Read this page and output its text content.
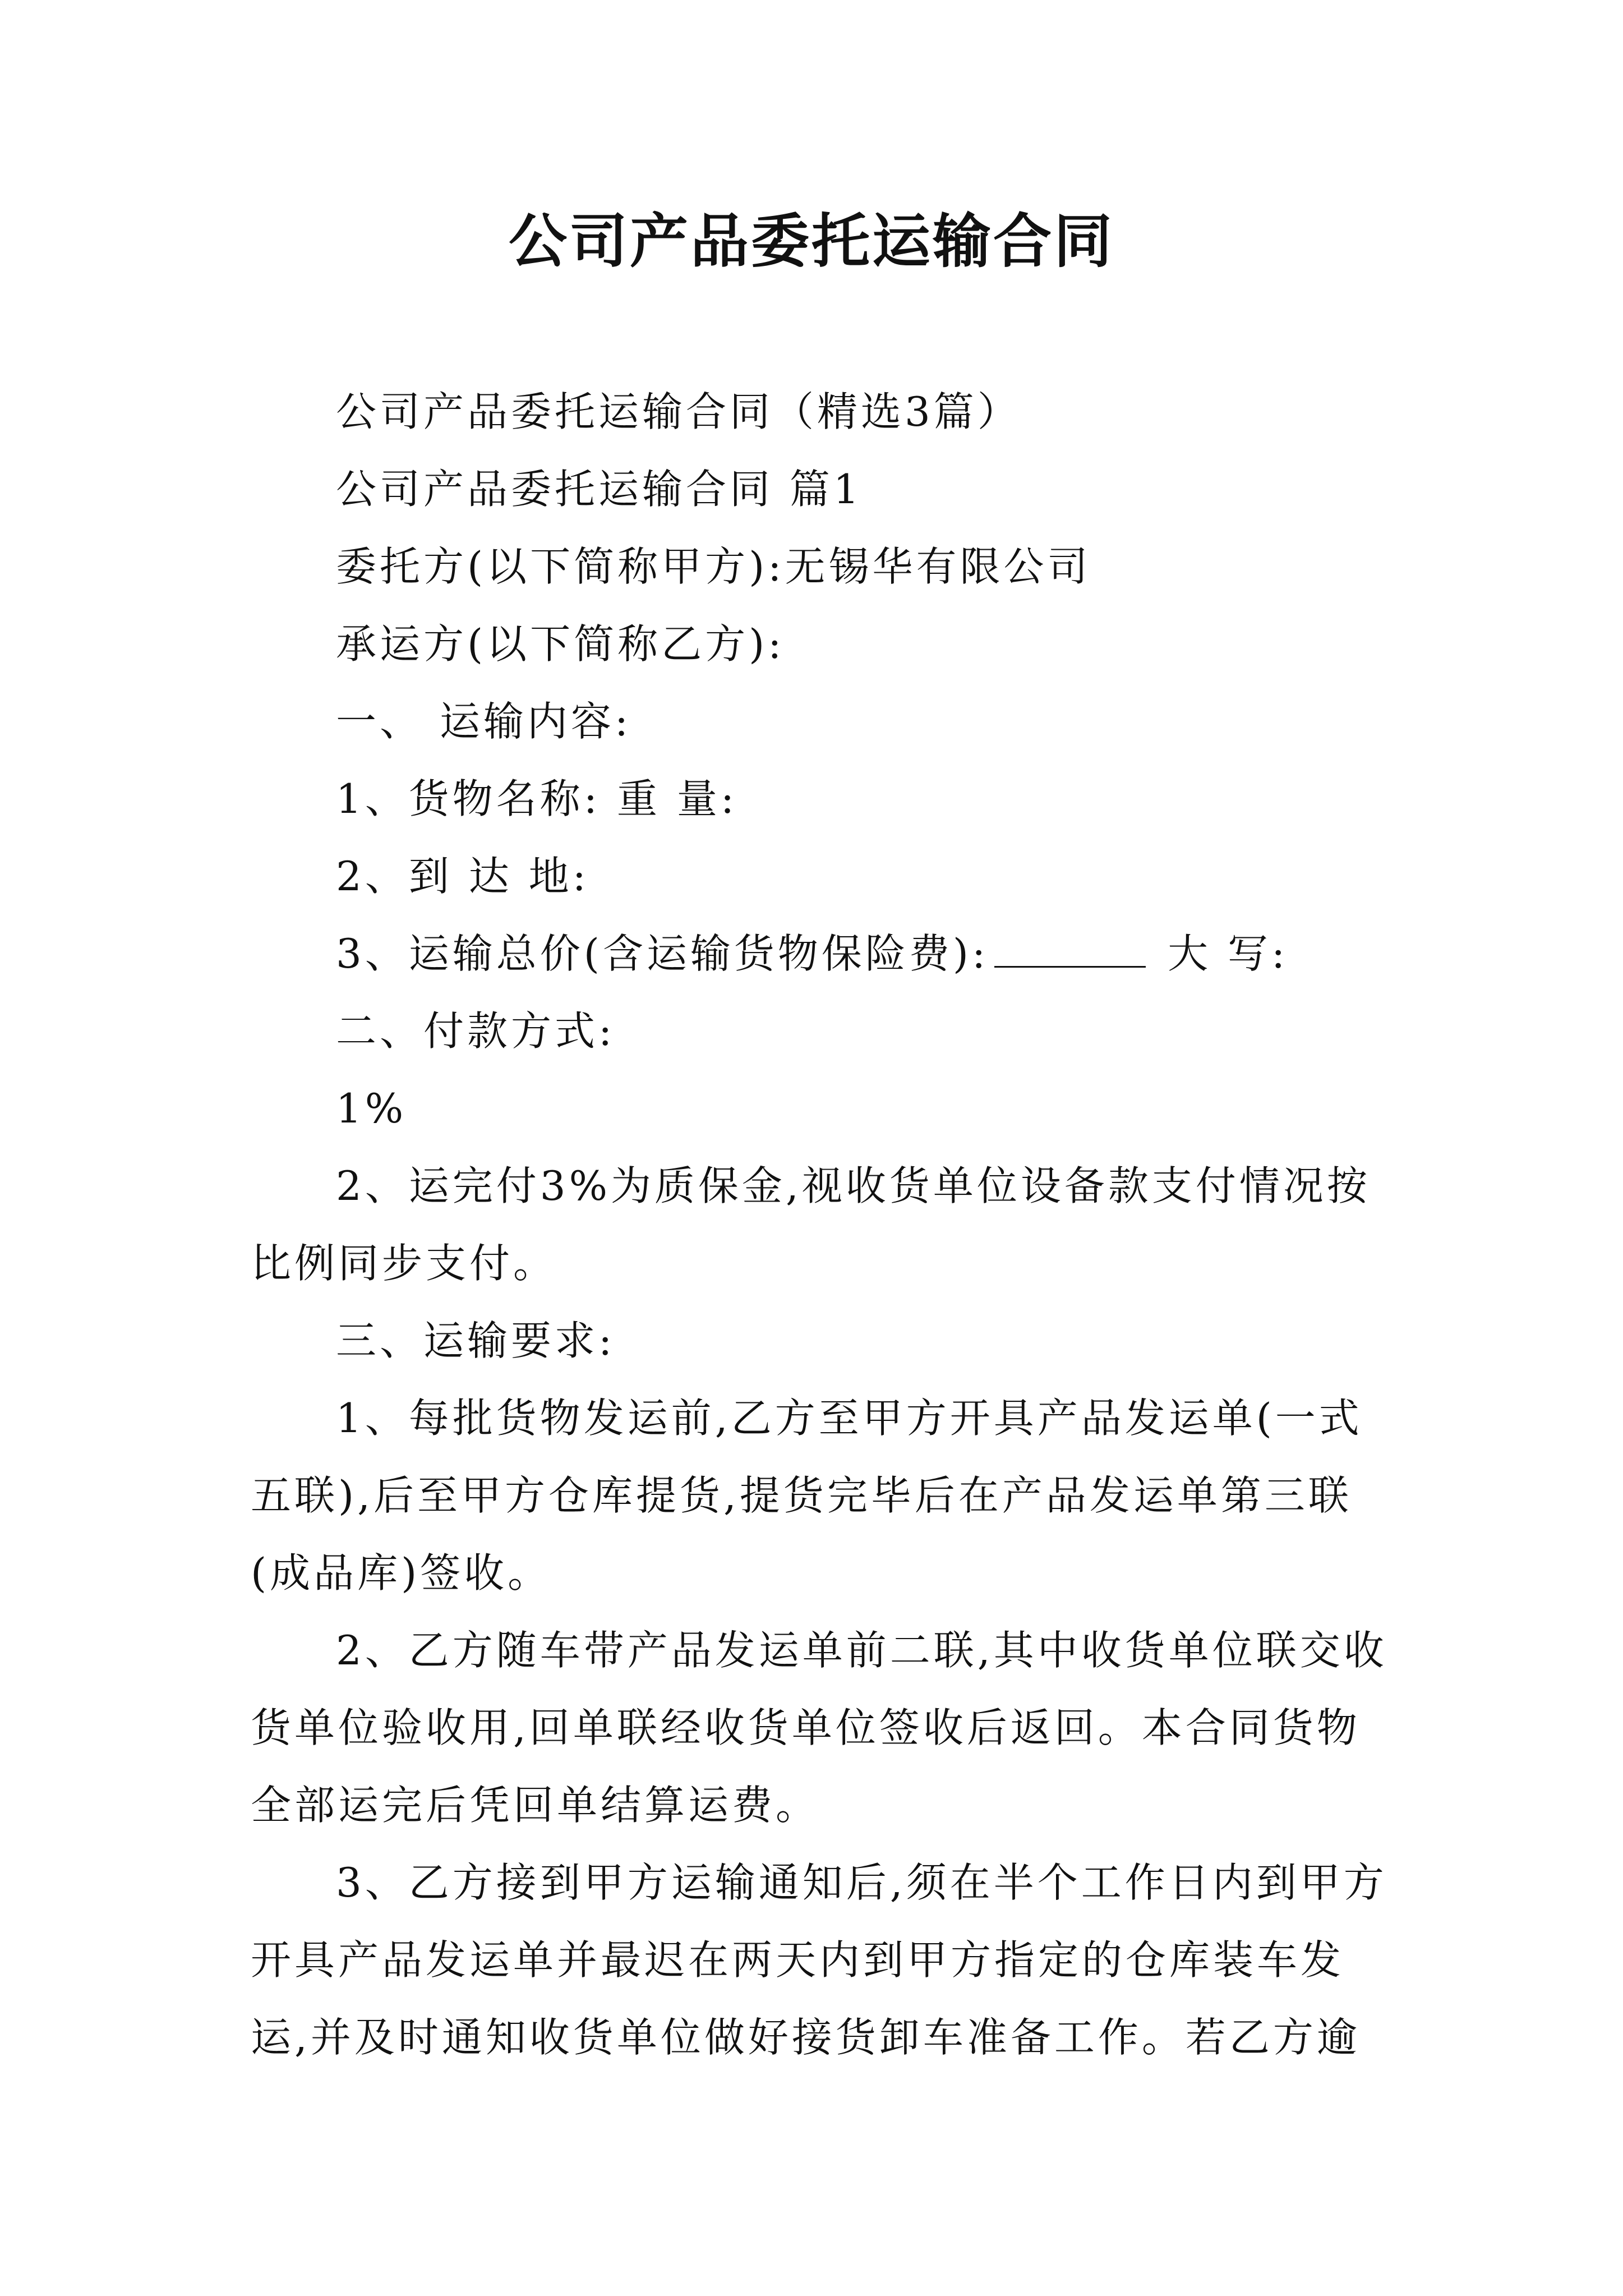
公司产品委托运输合同

公司产品委托运输合同（精选3篇）

公司产品委托运输合同 篇1

委托方(以下简称甲方):无锡华有限公司

承运方(以下简称乙方):

一、 运输内容:

1、货物名称: 重 量:

2、到 达 地:

3、运输总价(含运输货物保险费):	大 写:

二、付款方式:

1%

2、运完付3%为质保金,视收货单位设备款支付情况按比例同步支付。

三、运输要求:

1、每批货物发运前,乙方至甲方开具产品发运单(一式五联),后至甲方仓库提货,提货完毕后在产品发运单第三联(成品库)签收。

2、乙方随车带产品发运单前二联,其中收货单位联交收货单位验收用,回单联经收货单位签收后返回。本合同货物全部运完后凭回单结算运费。

3、乙方接到甲方运输通知后,须在半个工作日内到甲方开具产品发运单并最迟在两天内到甲方指定的仓库装车发运,并及时通知收货单位做好接货卸车准备工作。若乙方逾
